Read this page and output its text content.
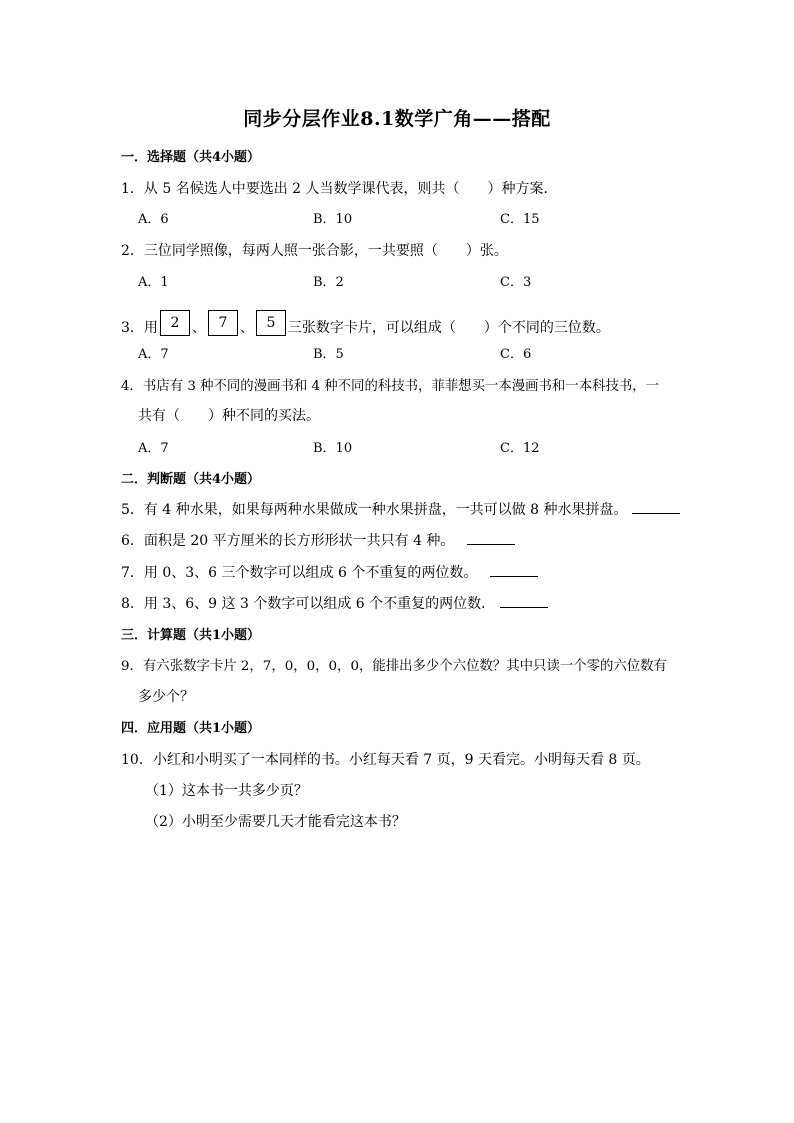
同步分层作业8.1数学广角——搭配
一．选择题（共4小题）
1．从 5 名候选人中要选出 2 人当数学课代表，则共（　　）种方案．
A．6	B．10	C．15
2．三位同学照像，每两人照一张合影，一共要照（　　）张。
A．1	B．2	C．3
3．用 2 、 7 、 5 三张数字卡片，可以组成（　　）个不同的三位数。
A．7	B．5	C．6
4．书店有 3 种不同的漫画书和 4 种不同的科技书，菲菲想买一本漫画书和一本科技书，一
共有（　　）种不同的买法。
A．7	B．10	C．12
二．判断题（共4小题）
5．有 4 种水果，如果每两种水果做成一种水果拼盘，一共可以做 8 种水果拼盘。
6．面积是 20 平方厘米的长方形形状一共只有 4 种。
7．用 0、3、6 三个数字可以组成 6 个不重复的两位数。
8．用 3、6、9 这 3 个数字可以组成 6 个不重复的两位数．
三．计算题（共1小题）
9．有六张数字卡片 2，7，0，0，0，0，能排出多少个六位数？其中只读一个零的六位数有
多少个？
四．应用题（共1小题）
10．小红和小明买了一本同样的书。小红每天看 7 页，9 天看完。小明每天看 8 页。
（1）这本书一共多少页？
（2）小明至少需要几天才能看完这本书？
